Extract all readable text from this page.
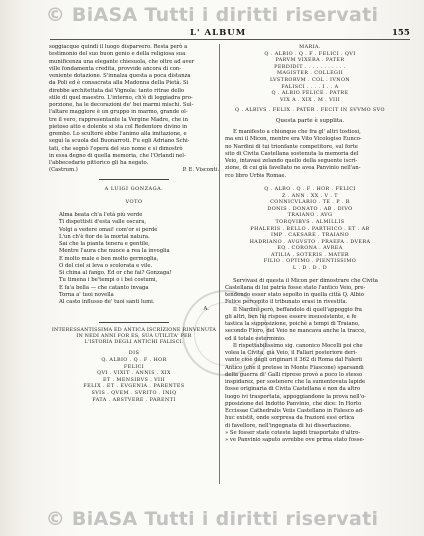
© BiASA Tutti i diritti riservati
L' ALBUM	155

soggiacque quindi il luogo disparvero. Resta però a

testimonio del suo buon genio e della religiosa sua

munificenza una elegante chiesuola, che oltre ad aver

ville fondamenta credita, provvide ancora di con-

veniente dotazione. S'innalza questa a poca distanza

da Poli ed è consacrata alla Madonna della Pietà. Si

direbbe architettata dal Vignola: tanto ritrae dello

stile di quel maestro. L'interno, ch'è di leggiadra pro-

porzione, ha le decorazioni de' bei marmi mischi. Sul-

l'altare maggiore è un gruppo in marmo, grande ol-

tre il vero, rappresentante la Vergine Madre, che in

pietoso atto e dolente si sta col Redentore divino in

grembo. Lo scultore ebbe l'animo alla imitazione, e

seguì la scuola del Buonarroti. Fu egli Adriano Schi-

tati, che segnò l'opera del suo nome e si dimostrò

in essa degno di quella memoria, che l'Orlandi nel-

l'abbecedario pittorico gli ha negato.

(Castrum.)	P. E. Visconti.

A LUIGI GONZAGA.

VOTO

Alma beata ch'a l'età più verde

Ti dispettisti d'esta valle oscura,

Volgi a vedere omai! com'or si perde

L'un ch'è fior de la mortal natura.

Sai che la pianta tenera e gentile,

Mentre l'aura che nuoce a rea la invoglia

E molto male e ben molto germoglia,

O del ciel si leva o scolorata e vile.

Si china al fango. Ed or che fai? Gonzaga!

Tu timena i be'tempi o i bei costumi,

E fa'a bella — che catanto invaga

Torna a' tuoi novella

Al casto influsso de' tuoi santi lumi.

A.

INTERESSANTISSIMA ED ANTICA ISCRIZIONE RINVENUTA

IN NEDI ANNI FOR ES, SUA UTILITA' PER

L'ISTORIA DEGLI ANTICHI FALISCI.

DIS

Q. ALBIO . Q . F . HOR

FELICI

QVI . VIXIT . ANNIS . XIX

ET . MENSIBVS . VIII

FELIX . ET . EVGENIA . PARENTES

SVIS . QVEM . SVRITO . INIQ

FATA . ABSTVERE . PARENTI

MARIA.

Q . ALBIO . Q . F . FELICI . QVI

PARVM VIXERA . PATER

PERDIDIT . . . . . . . . . . .

MAGISTER . COLLEGII

LVSTRORVM . COL . IVNON

FALISCI . . . . I . . A

Q . ALBIO FELICE . PATRE

VIX A . XIX . M . VIII

Q . ALBIVS . FELIX . PATER . FECIT IN SVVMO SVO

Questa parte è supplita.

E manifesto a chiunque che fra gl' altri tostiosi,

ma eni il Micon, mentre era Vito Vicologiso Eunco-

no Nardini di tui trionfante competitore, sul forte

sito di Civita Castellana sostenuta la memoria del

Veio, intavasi zelando quello della seguente iscri-

zione, di cui già favellato ne avea Panvinio nell'an-

rco libro Urbis Romae.

Q . ALBO . Q . F . HOR . FELICI

Z . ANN . XX . V . T

CONNICVLARIO . TE . P . R

DONIS . DONATO . AB . DIVO

TRAIANO . AVG

TORQVIBVS . ALMILLIS

PHALERIS . BELLO . PARTHICO . ET . AB

IMP . CAESARE . TRAIANO

HADRIANO . AVGVSTO . PRAEFA . DVERA

EQ . CORONA . AVREA

ATILIA . SOTERIS . MATER

FILIO . OPTIMO . PIENTISSIMO

L . D . D . D

Servivasi di questa il Micon per dimostrare che Civita

Castellana di lui patria fosse stato l'antico Veio, pre-

tendendo esser stato sepolto in quella città Q. Albio

Felice percepito il tribunato erasi in rivestita.

Il Nardini però, beffandolo di quell'appoggio fra

gli altri, ben lui rispose essere insussistente, e fe

tastica la supposizione, poichè a tempi di Traiano,

secondo Floro, del Veio ne mancava anche la tracce,

ed il totale esterminio.

Il rispettabilissimo sig. canonico Mocelli poi che

volea la Civita, già Veio, il Fallari posteriore deri-

vante cioè dagli originari il 362 di Roma dal Falerii

Antico (che il pretese in Monte Fiascone) sparsandi

della guerra di' Galli riprese provò a poco lo stesso

inspidarez, per sostenere che la sumentovata lapide

fosse originaria di Civita Castellana e non da altro

luogo ivi trasportata, appoggiandone la prova nell'o-

pposizione del Indotto Panvinio, che dice: In Horto

Eccissae Cathedralis Veiis Castellano in Falesco ad-

huc existit, onde sorpresa da frazioni essi ortica

di favellore, nell'ingegnata di lui dissertazione.

» Se fosser state coteste lapidi trasportate d'altro-

» ve Panvinio saputo avrebbe ove prima stato fosse-

© BiASA Tutti i diritti riservati
